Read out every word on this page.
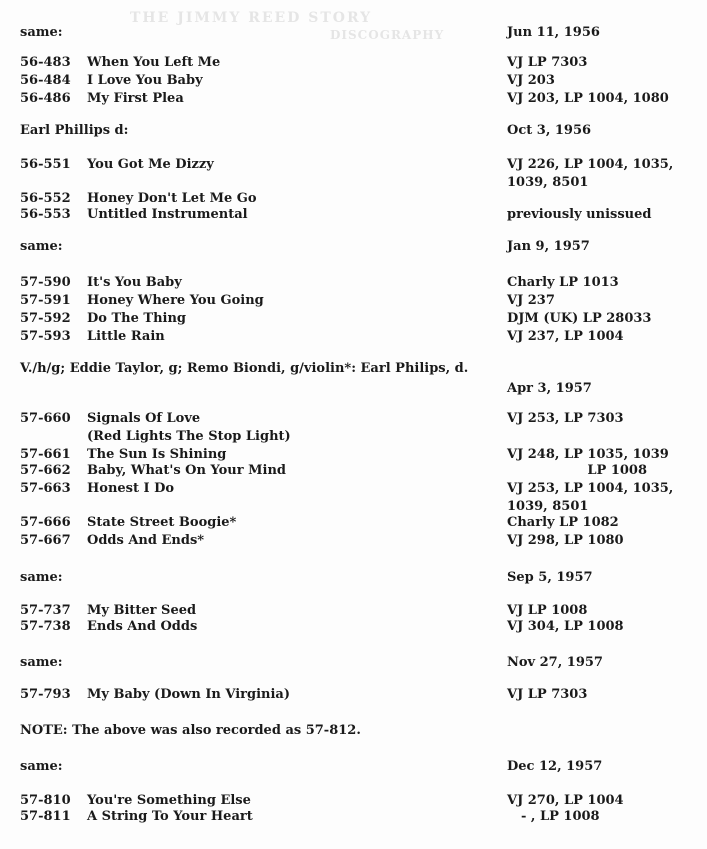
THE JIMMY REED STORY
DISCOGRAPHY
same:	Jun 11, 1956
56-483 When You Left Me	VJ LP 7303
56-484 I Love You Baby	VJ 203
56-486 My First Plea	VJ 203, LP 1004, 1080
Earl Phillips d:	Oct 3, 1956
56-551 You Got Me Dizzy	VJ 226, LP 1004, 1035,
1039, 8501
56-552 Honey Don't Let Me Go
56-553 Untitled Instrumental	previously unissued
same:	Jan 9, 1957
57-590 It's You Baby	Charly LP 1013
57-591 Honey Where You Going	VJ 237
57-592 Do The Thing	DJM (UK) LP 28033
57-593 Little Rain	VJ 237, LP 1004
V./h/g; Eddie Taylor, g; Remo Biondi, g/violin*: Earl Philips, d.
Apr 3, 1957
57-660 Signals Of Love	VJ 253, LP 7303
(Red Lights The Stop Light)
57-661 The Sun Is Shining	VJ 248, LP 1035, 1039
57-662 Baby, What's On Your Mind	LP 1008
57-663 Honest I Do	VJ 253, LP 1004, 1035,
1039, 8501
57-666 State Street Boogie*	Charly LP 1082
57-667 Odds And Ends*	VJ 298, LP 1080
same:	Sep 5, 1957
57-737 My Bitter Seed	VJ LP 1008
57-738 Ends And Odds	VJ 304, LP 1008
same:	Nov 27, 1957
57-793 My Baby (Down In Virginia)	VJ LP 7303
NOTE: The above was also recorded as 57-812.
same:	Dec 12, 1957
57-810 You're Something Else	VJ 270, LP 1004
57-811 A String To Your Heart	- , LP 1008
